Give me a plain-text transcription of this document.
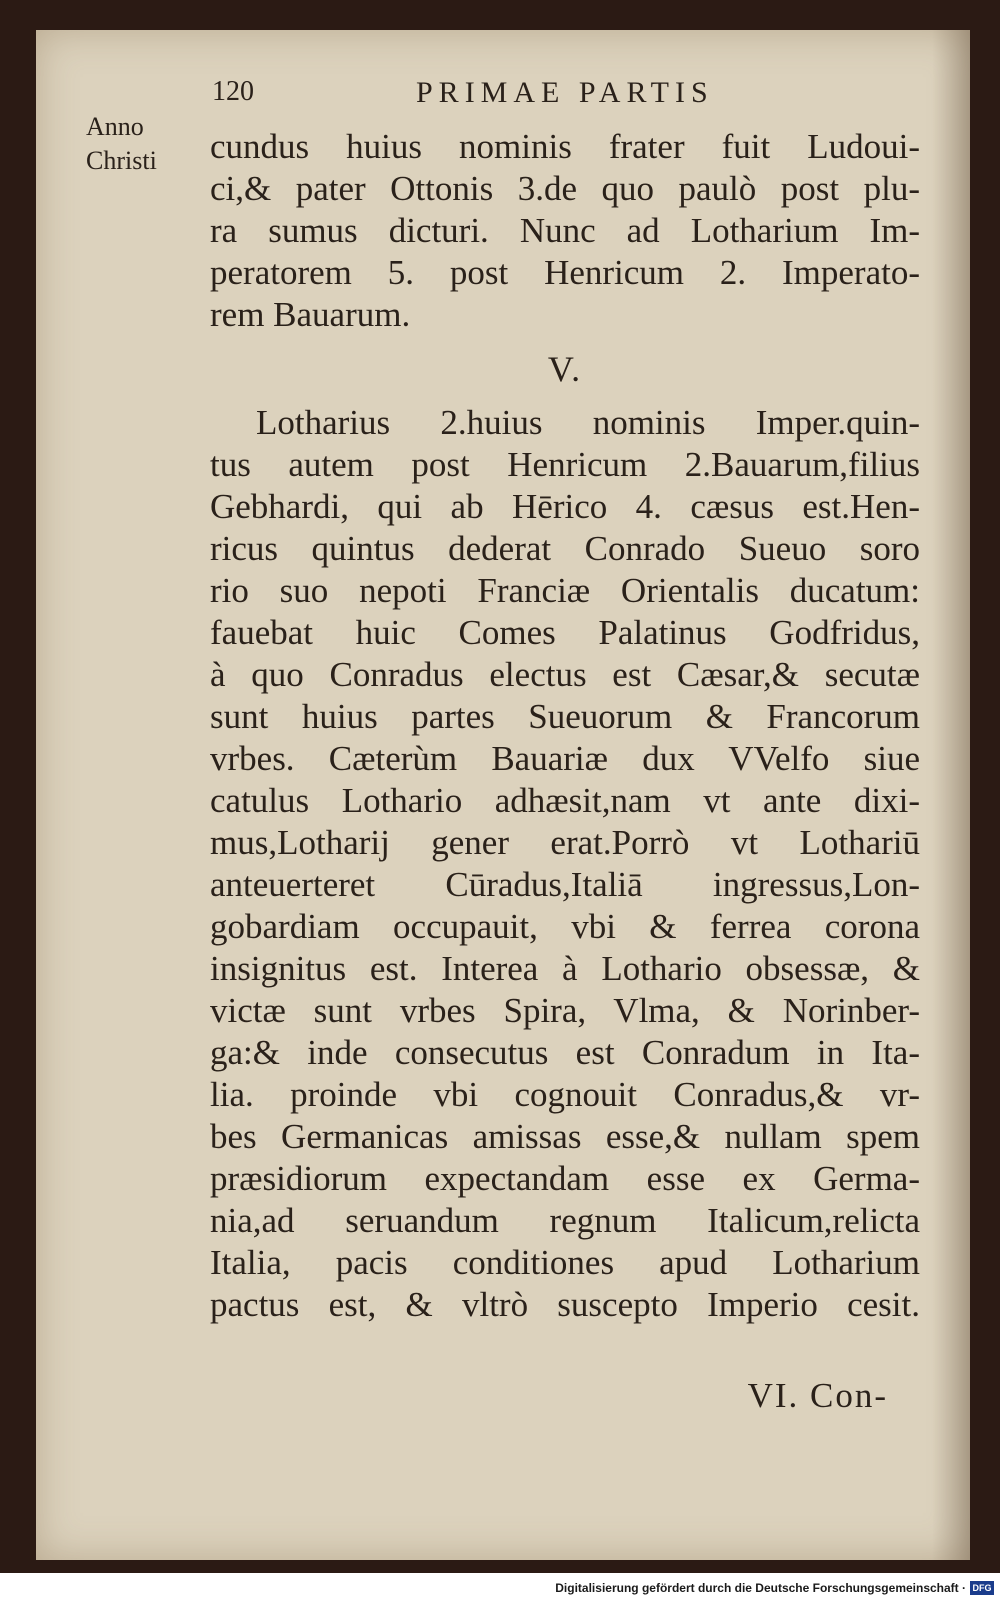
120	PRIMAE PARTIS
Anno
Christi	cundus huius nominis frater fuit Ludoui-
ci,& pater Ottonis 3.de quo paulò post plu-
ra sumus dicturi. Nunc ad Lotharium Im-
peratorem 5. post Henricum 2. Imperato-
rem Bauarum.
V.
Lotharius 2.huius nominis Imper.quin-
tus autem post Henricum 2.Bauarum,filius
Gebhardi, qui ab Hērico 4. cæsus est.Hen-
ricus quintus dederat Conrado Sueuo soro
rio suo nepoti Franciæ Orientalis ducatum:
fauebat huic Comes Palatinus Godfridus,
à quo Conradus electus est Cæsar,& secutæ
sunt huius partes Sueuorum & Francorum
vrbes. Cæterùm Bauariæ dux VVelfo siue
catulus Lothario adhæsit,nam vt ante dixi-
mus,Lotharij gener erat.Porrò vt Lothariū
anteuerteret Cūradus,Italiā ingressus,Lon-
gobardiam occupauit, vbi & ferrea corona
insignitus est. Interea à Lothario obsessæ, &
victæ sunt vrbes Spira, Vlma, & Norinber-
ga:& inde consecutus est Conradum in Ita-
lia. proinde vbi cognouit Conradus,& vr-
bes Germanicas amissas esse,& nullam spem
præsidiorum expectandam esse ex Germa-
nia,ad seruandum regnum Italicum,relicta
Italia, pacis conditiones apud Lotharium
pactus est, & vltrò suscepto Imperio cesit.
VI. Con-
Digitalisierung gefördert durch die Deutsche Forschungsgemeinschaft · DFG
